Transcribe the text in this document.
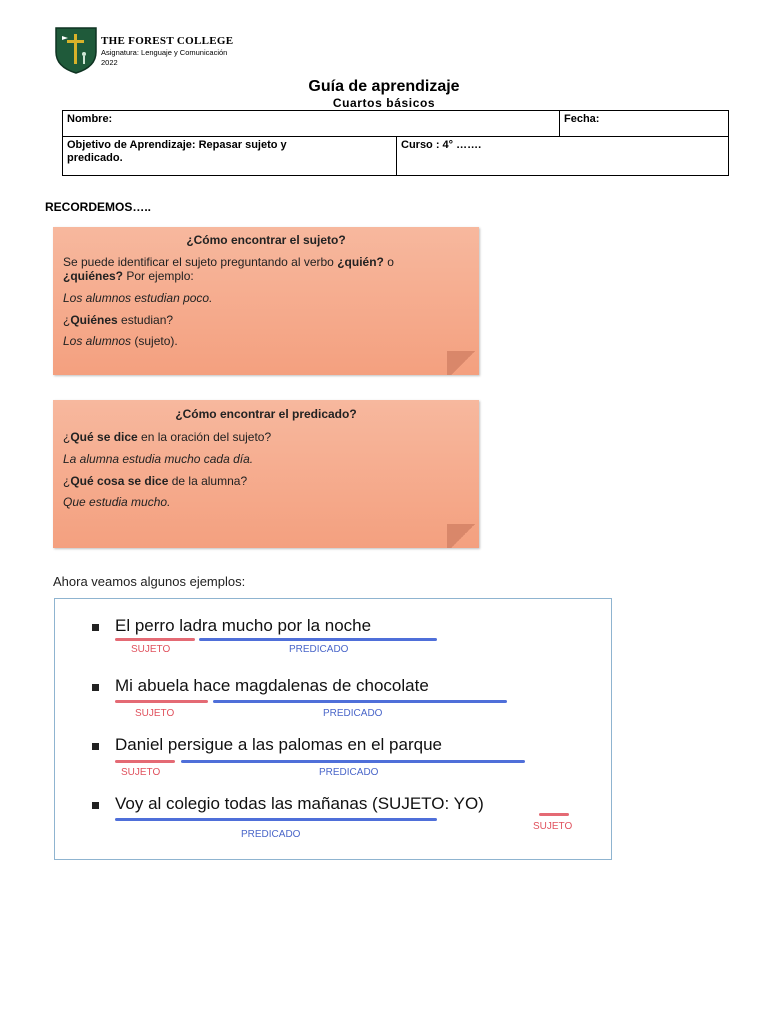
THE FOREST COLLEGE
Asignatura: Lenguaje y Comunicación
2022
Guía de aprendizaje
Cuartos básicos
Nombre:		Fecha:

Objetivo de Aprendizaje: Repasar sujeto y
predicado.	Curso : 4° …….	
RECORDEMOS…..
¿Cómo encontrar el sujeto?
Se puede identificar el sujeto preguntando al verbo ¿quién? o
¿quiénes? Por ejemplo:
Los alumnos estudian poco.
¿Quiénes estudian?
Los alumnos (sujeto).
¿Cómo encontrar el predicado?
¿Qué se dice en la oración del sujeto?
La alumna estudia mucho cada día.
¿Qué cosa se dice de la alumna?
Que estudia mucho.
Ahora veamos algunos ejemplos:
El perro ladra mucho por la noche
SUJETO	PREDICADO
Mi abuela hace magdalenas de chocolate
SUJETO	PREDICADO
Daniel persigue a las palomas en el parque
SUJETO	PREDICADO
Voy al colegio todas las mañanas (SUJETO: YO)
SUJETO
PREDICADO
